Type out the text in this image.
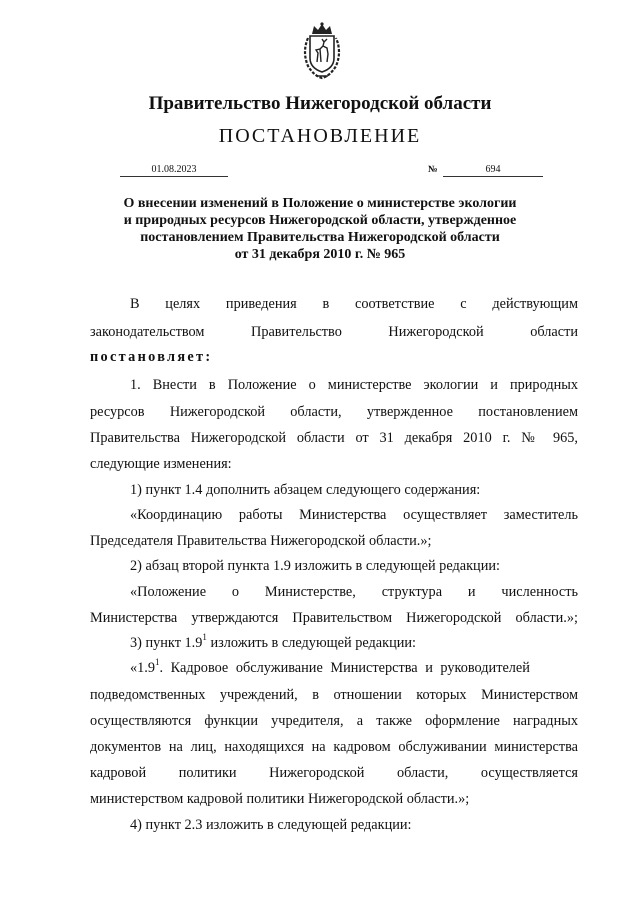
Правительство Нижегородской области
ПОСТАНОВЛЕНИЕ
01.08.2023	№	694
О внесении изменений в Положение о министерстве экологии
и природных ресурсов Нижегородской области, утвержденное
постановлением Правительства Нижегородской области
от 31 декабря 2010 г. № 965
В целях приведения в соответствие с действующим
законодательством Правительство Нижегородской области
постановляет:
1. Внести в Положение о министерстве экологии и природных
ресурсов Нижегородской области, утвержденное постановлением
Правительства Нижегородской области от 31 декабря 2010 г. № 965,
следующие изменения:
1) пункт 1.4 дополнить абзацем следующего содержания:
«Координацию работы Министерства осуществляет заместитель
Председателя Правительства Нижегородской области.»;
2) абзац второй пункта 1.9 изложить в следующей редакции:
«Положение о Министерстве, структура и численность
Министерства утверждаются Правительством Нижегородской области.»;
3) пункт $1.9^1$ изложить в следующей редакции:
«$1.9^1$. Кадровое обслуживание Министерства и руководителей
подведомственных учреждений, в отношении которых Министерством
осуществляются функции учредителя, а также оформление наградных
документов на лиц, находящихся на кадровом обслуживании министерства
кадровой политики Нижегородской области, осуществляется
министерством кадровой политики Нижегородской области.»;
4) пункт 2.3 изложить в следующей редакции:
